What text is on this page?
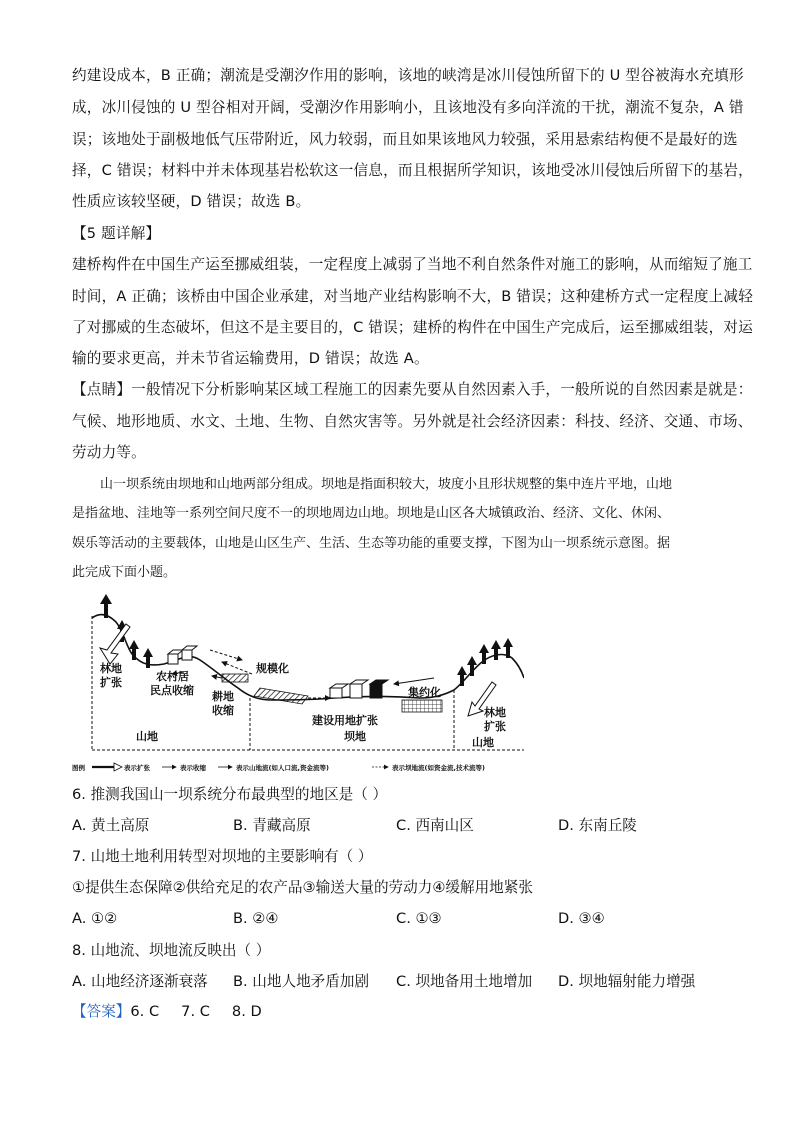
约建设成本，B 正确；潮流是受潮汐作用的影响，该地的峡湾是冰川侵蚀所留下的 U 型谷被海水充填形

成，冰川侵蚀的 U 型谷相对开阔，受潮汐作用影响小，且该地没有多向洋流的干扰，潮流不复杂，A 错

误；该地处于副极地低气压带附近，风力较弱，而且如果该地风力较强，采用悬索结构便不是最好的选

择，C 错误；材料中并未体现基岩松软这一信息，而且根据所学知识，该地受冰川侵蚀后所留下的基岩，

性质应该较坚硬，D 错误；故选 B。

【5 题详解】

建桥构件在中国生产运至挪威组装，一定程度上减弱了当地不利自然条件对施工的影响，从而缩短了施工

时间，A 正确；该桥由中国企业承建，对当地产业结构影响不大，B 错误；这种建桥方式一定程度上减轻

了对挪威的生态破坏，但这不是主要目的，C 错误；建桥的构件在中国生产完成后，运至挪威组装，对运

输的要求更高，并未节省运输费用，D 错误；故选 A。

【点睛】一般情况下分析影响某区域工程施工的因素先要从自然因素入手，一般所说的自然因素是就是：

气候、地形地质、水文、土地、生物、自然灾害等。另外就是社会经济因素：科技、经济、交通、市场、

劳动力等。

山一坝系统由坝地和山地两部分组成。坝地是指面积较大，坡度小且形状规整的集中连片平地，山地

是指盆地、洼地等一系列空间尺度不一的坝地周边山地。坝地是山区各大城镇政治、经济、文化、休闲、

娱乐等活动的主要载体，山地是山区生产、生活、生态等功能的重要支撑，下图为山一坝系统示意图。据

此完成下面小题。

林地
扩张	农村居
民点收缩 耕地
收缩
规模化
集约化
建设用地扩张
坝地
山地
林地
扩张
山地
图例	表示扩张	表示收缩	表示山地流(如人口流,资金流等)	表示坝地流(如资金流,技术流等)

6. 推测我国山一坝系统分布最典型的地区是（ ）

A. 黄土高原	B. 青藏高原	C. 西南山区	D. 东南丘陵

7. 山地土地利用转型对坝地的主要影响有（ ）

①提供生态保障②供给充足的农产品③输送大量的劳动力④缓解用地紧张

A. ①②	B. ②④	C. ①③	D. ③④

8. 山地流、坝地流反映出（ ）

A. 山地经济逐渐衰落 B. 山地人地矛盾加剧 C. 坝地备用土地增加 D. 坝地辐射能力增强
【答案】6. C 7. C 8. D
